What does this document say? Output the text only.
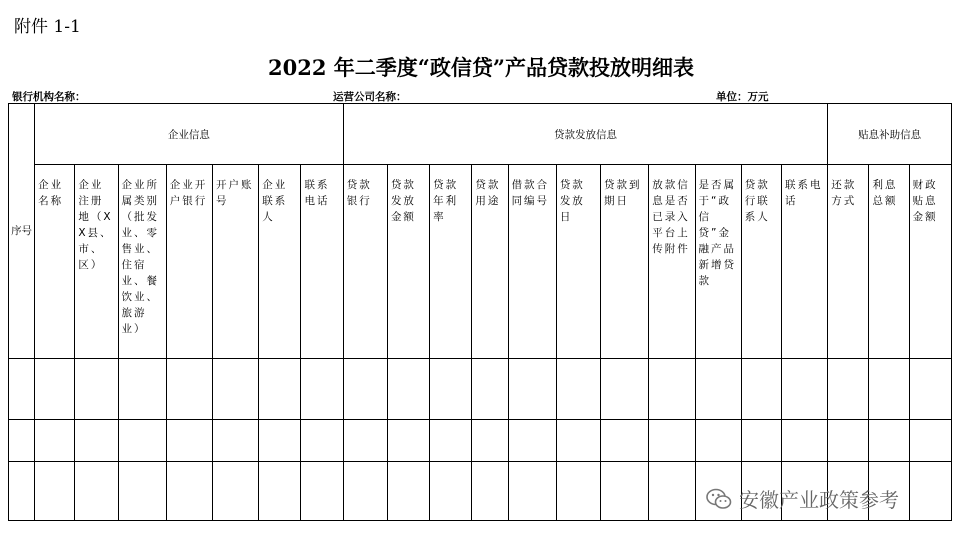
附件 1-1
2022 年二季度“政信贷”产品贷款投放明细表
银行机构名称：	运营公司名称：	单位：万元
序号	企业信息							贷款发放信息											贴息补助信息		
	企业名称	企业注册地（XX县、市、区）	企业所属类别（批发业、零售业、住宿业、餐饮业、旅游业）	企业开户银行	开户账号	企业联系人	联系电话	贷款银行	贷款发放金额	贷款年利率	贷款用途	借款合同编号	贷款发放日	贷款到期日	放款信息是否已录入平台上传附件	是否属于“政信贷”金融产品新增贷款	贷款行联系人	联系电话	还款方式	利息总额	财政贴息金额

安徽产业政策参考
